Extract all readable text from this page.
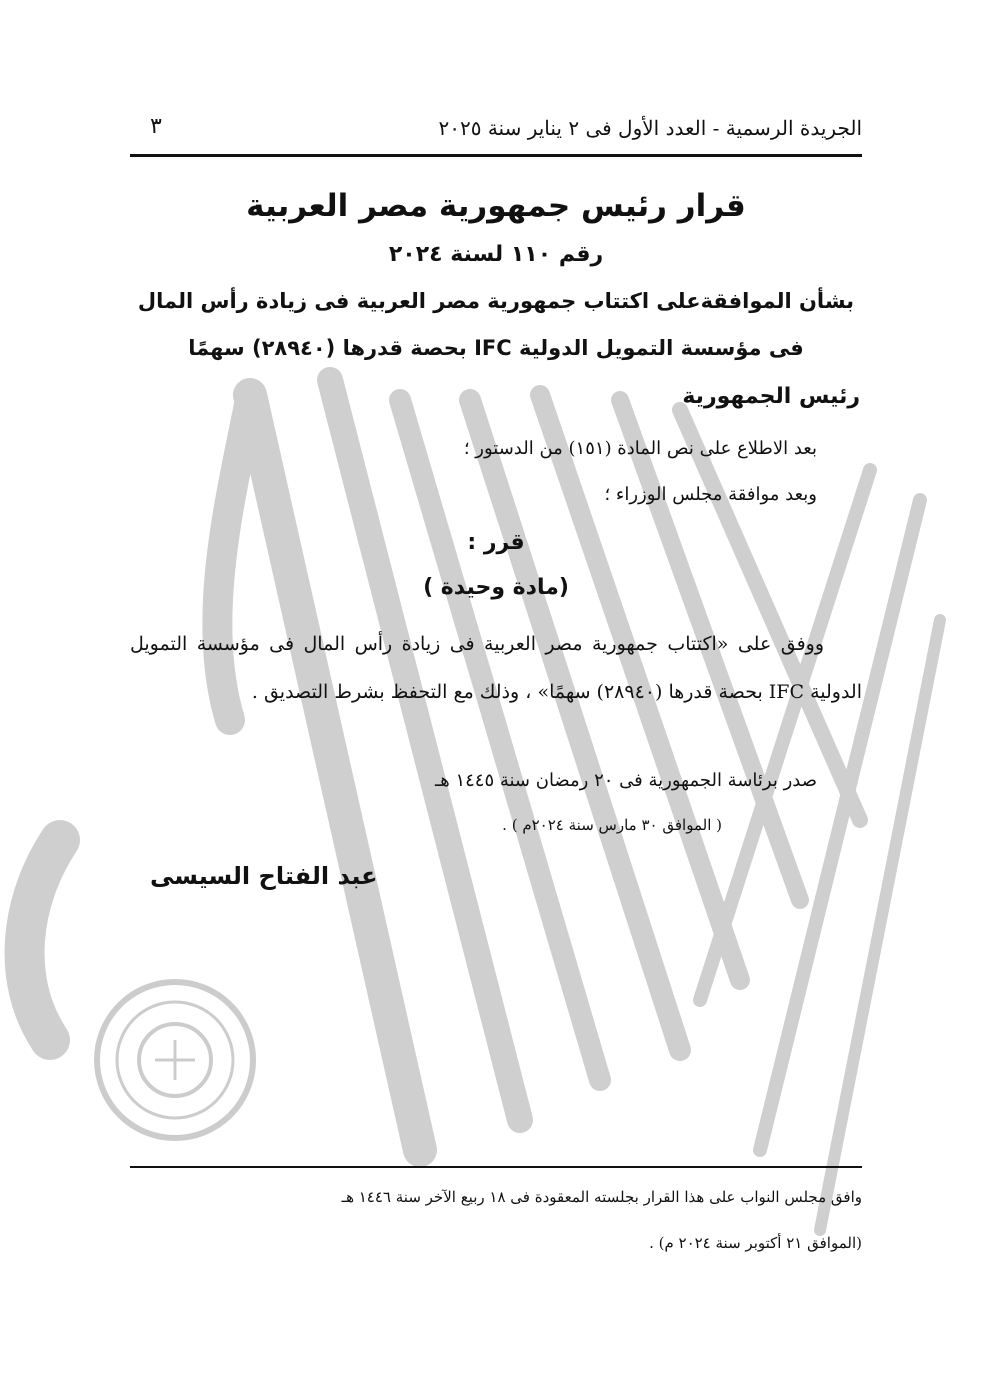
الجريدة الرسمية - العدد الأول فى ٢ يناير سنة ٢٠٢٥
٣
قرار رئيس جمهورية مصر العربية
رقم ١١٠ لسنة ٢٠٢٤
بشأن الموافقةعلى اكتتاب جمهورية مصر العربية فى زيادة رأس المال
فى مؤسسة التمويل الدولية IFC بحصة قدرها (٢٨٩٤٠) سهمًا
رئيس الجمهورية
بعد الاطلاع على نص المادة (١٥١) من الدستور ؛
وبعد موافقة مجلس الوزراء ؛
قرر :
(مادة وحيدة )
ووفق على «اكتتاب جمهورية مصر العربية فى زيادة رأس المال فى مؤسسة التمويل الدولية IFC بحصة قدرها (٢٨٩٤٠) سهمًا» ، وذلك مع التحفظ بشرط التصديق .
صدر برئاسة الجمهورية فى ٢٠ رمضان سنة ١٤٤٥ هـ
( الموافق ٣٠ مارس سنة ٢٠٢٤م ) .
عبد الفتاح السيسى
وافق مجلس النواب على هذا القرار بجلسته المعقودة فى ١٨ ربيع الآخر سنة ١٤٤٦ هـ
(الموافق ٢١ أكتوبر سنة ٢٠٢٤ م) .
